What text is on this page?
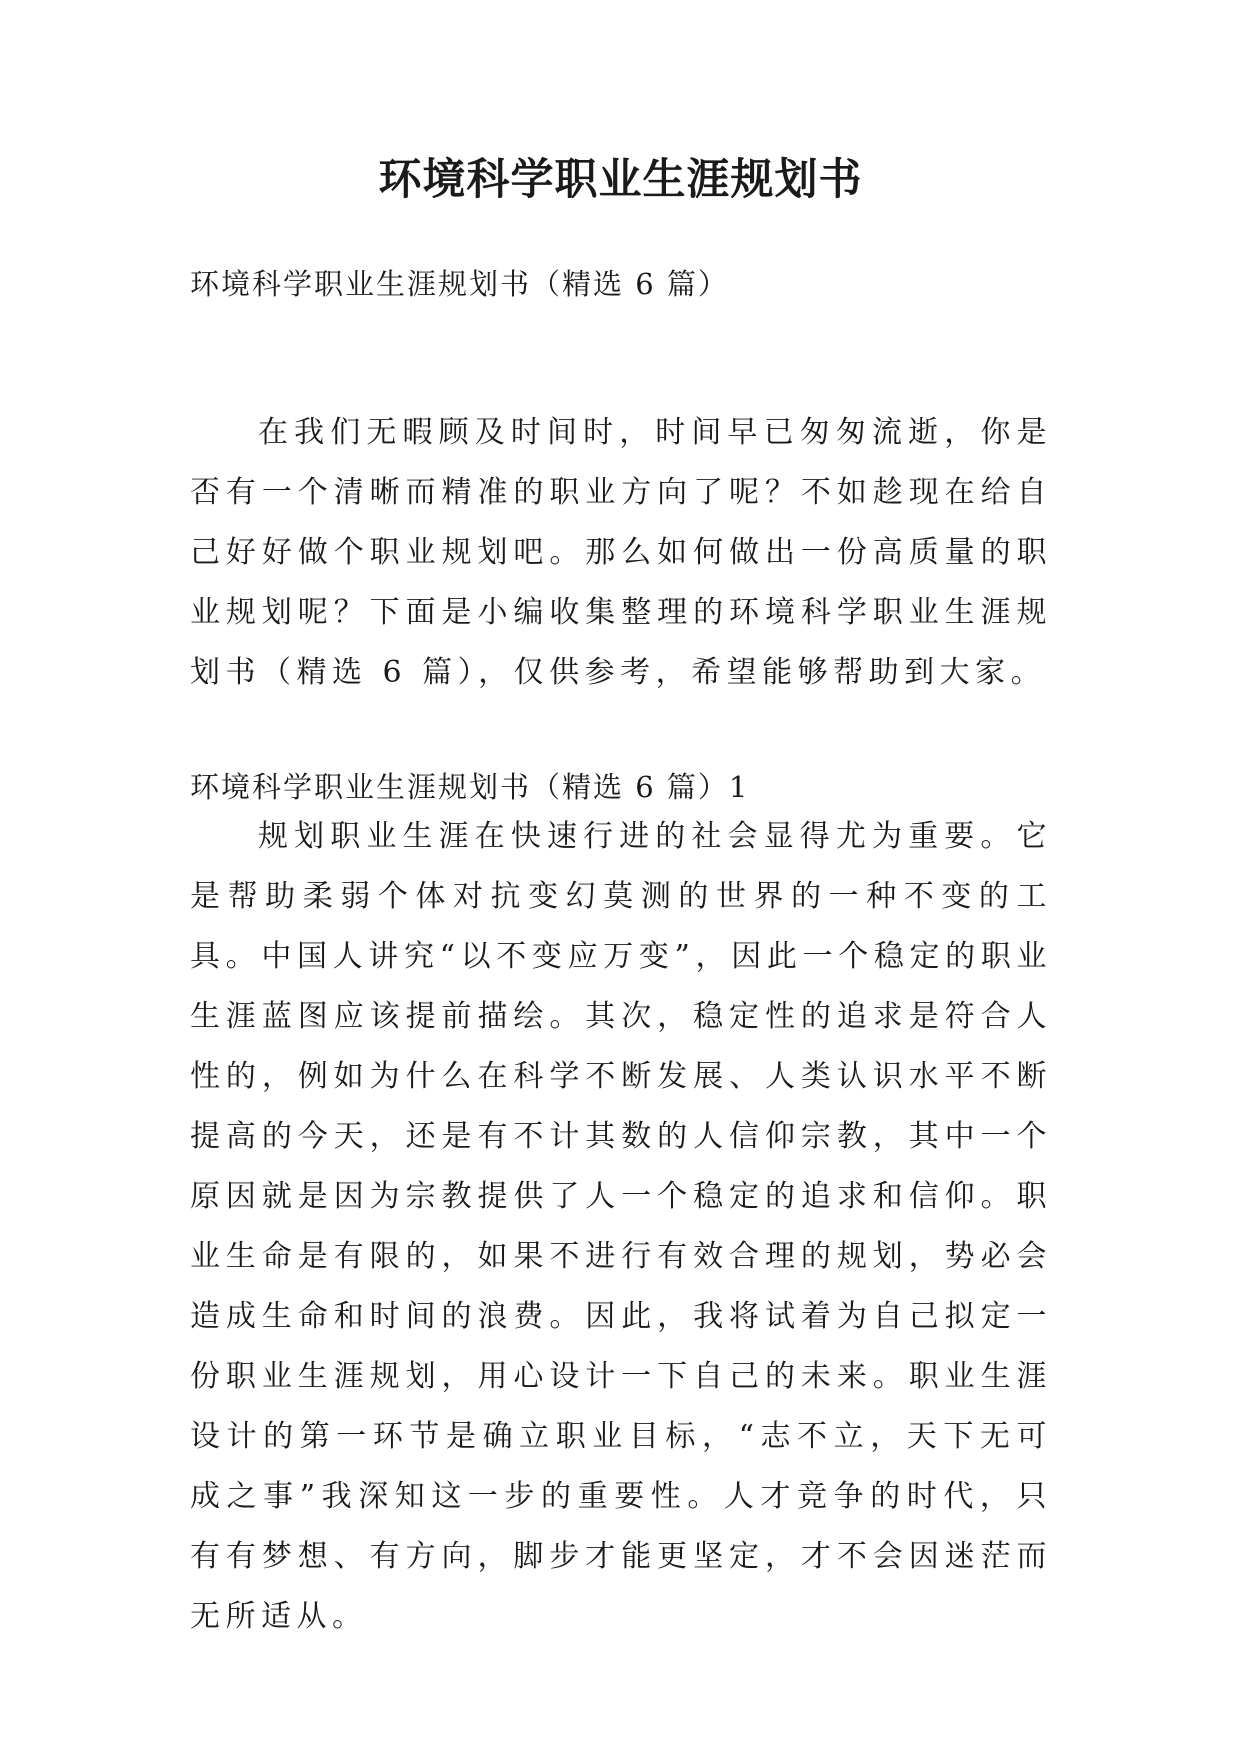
环境科学职业生涯规划书

环境科学职业生涯规划书（精选 6 篇）

在我们无暇顾及时间时，时间早已匆匆流逝，你是否有一个清晰而精准的职业方向了呢？不如趁现在给自己好好做个职业规划吧。那么如何做出一份高质量的职业规划呢？下面是小编收集整理的环境科学职业生涯规划书（精选 6 篇），仅供参考，希望能够帮助到大家。

环境科学职业生涯规划书（精选 6 篇）1

规划职业生涯在快速行进的社会显得尤为重要。它是帮助柔弱个体对抗变幻莫测的世界的一种不变的工具。中国人讲究“以不变应万变”，因此一个稳定的职业生涯蓝图应该提前描绘。其次，稳定性的追求是符合人性的，例如为什么在科学不断发展、人类认识水平不断提高的今天，还是有不计其数的人信仰宗教，其中一个原因就是因为宗教提供了人一个稳定的追求和信仰。职业生命是有限的，如果不进行有效合理的规划，势必会造成生命和时间的浪费。因此，我将试着为自己拟定一份职业生涯规划，用心设计一下自己的未来。职业生涯设计的第一环节是确立职业目标，“志不立，天下无可成之事”我深知这一步的重要性。人才竞争的时代，只有有梦想、有方向，脚步才能更坚定，才不会因迷茫而无所适从。
